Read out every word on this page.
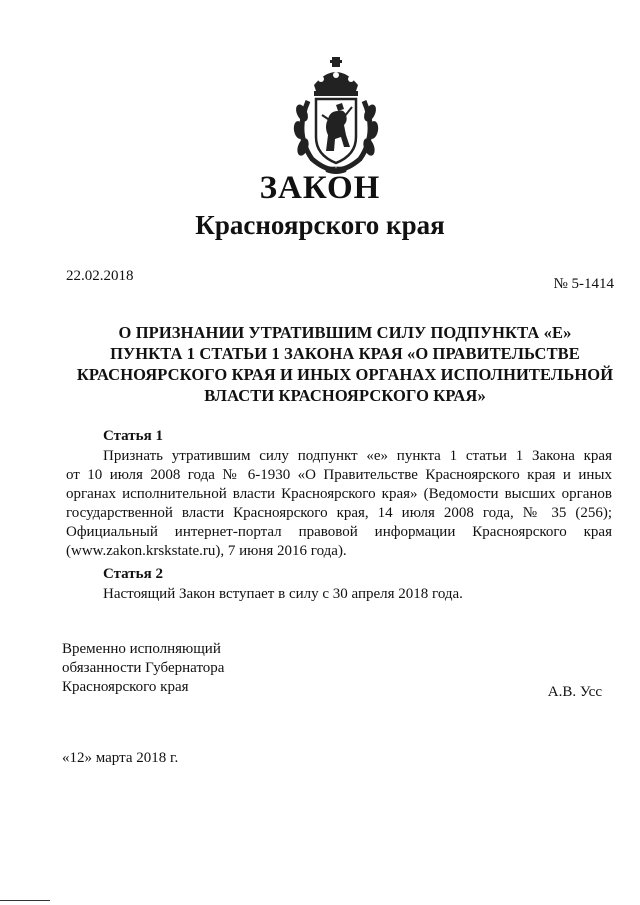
ЗАКОН
Красноярского края
22.02.2018	№ 5-1414
О ПРИЗНАНИИ УТРАТИВШИМ СИЛУ ПОДПУНКТА «Е»
ПУНКТА 1 СТАТЬИ 1 ЗАКОНА КРАЯ «О ПРАВИТЕЛЬСТВЕ
КРАСНОЯРСКОГО КРАЯ И ИНЫХ ОРГАНАХ ИСПОЛНИТЕЛЬНОЙ
ВЛАСТИ КРАСНОЯРСКОГО КРАЯ»
Статья 1
Признать утратившим силу подпункт «е» пункта 1 статьи 1 Закона края
от 10 июля 2008 года № 6-1930 «О Правительстве Красноярского края и иных
органах исполнительной власти Красноярского края» (Ведомости высших органов
государственной власти Красноярского края, 14 июля 2008 года, № 35 (256);
Официальный интернет-портал правовой информации Красноярского края
(www.zakon.krskstate.ru), 7 июня 2016 года).
Статья 2
Настоящий Закон вступает в силу с 30 апреля 2018 года.
Временно исполняющий
обязанности Губернатора
Красноярского края	А.В. Усс
«12» марта 2018 г.
